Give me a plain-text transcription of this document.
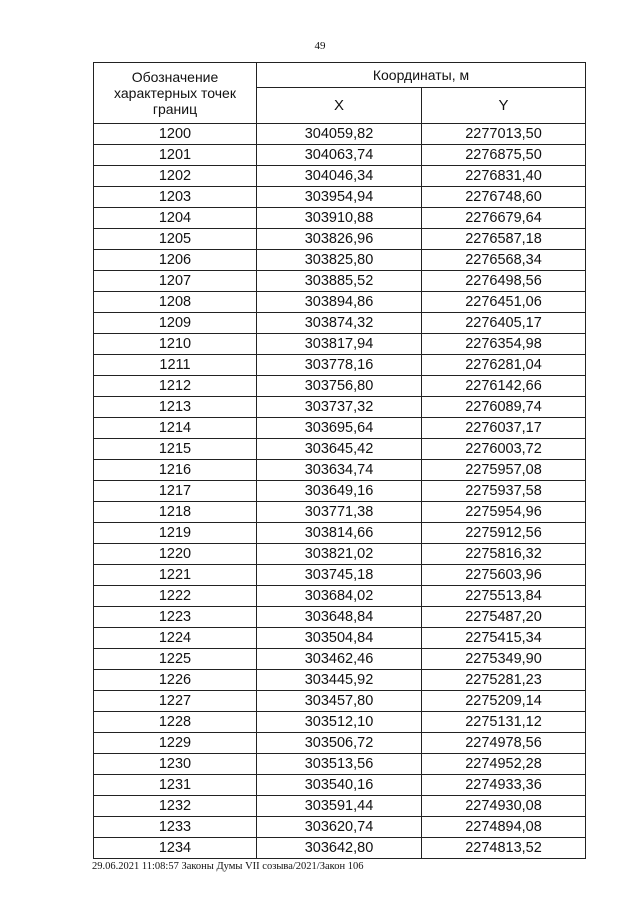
49
Обозначение характерных точек границ	Координаты, м	
	X	Y
1200	304059,82	2277013,50
1201	304063,74	2276875,50
1202	304046,34	2276831,40
1203	303954,94	2276748,60
1204	303910,88	2276679,64
1205	303826,96	2276587,18
1206	303825,80	2276568,34
1207	303885,52	2276498,56
1208	303894,86	2276451,06
1209	303874,32	2276405,17
1210	303817,94	2276354,98
1211	303778,16	2276281,04
1212	303756,80	2276142,66
1213	303737,32	2276089,74
1214	303695,64	2276037,17
1215	303645,42	2276003,72
1216	303634,74	2275957,08
1217	303649,16	2275937,58
1218	303771,38	2275954,96
1219	303814,66	2275912,56
1220	303821,02	2275816,32
1221	303745,18	2275603,96
1222	303684,02	2275513,84
1223	303648,84	2275487,20
1224	303504,84	2275415,34
1225	303462,46	2275349,90
1226	303445,92	2275281,23
1227	303457,80	2275209,14
1228	303512,10	2275131,12
1229	303506,72	2274978,56
1230	303513,56	2274952,28
1231	303540,16	2274933,36
1232	303591,44	2274930,08
1233	303620,74	2274894,08
1234	303642,80	2274813,52
29.06.2021 11:08:57 Законы Думы VII созыва/2021/Закон 106
